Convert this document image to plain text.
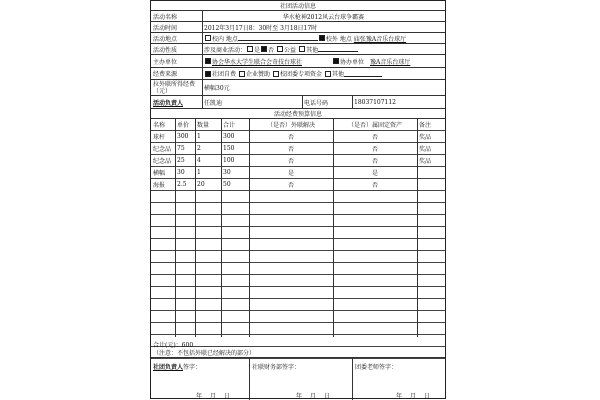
社团活动信息
活动名称	华水枪神2012风云台球争霸赛
活动时间	2012年3月17日8：30时至 3月18日17时
活动地点	校内 地点	校外 地点 庙张豫A音乐台球厅
活动性质	涉及商业活动： 是 否 公益 其他
主办单位	协会华水大学生联合会奇技台球社	协办单位	豫A音乐台球厅
经费来源	社团自费 企业赞助 校团委专项资金 其他
拉外联所得经费（元）	横幅30元
活动负责人	任凯迪	电话号码	18037107112
活动经费预算信息
名称	单价	数量	合计	（是否）外联解决	（是否）属固定资产	备注
球杆	300	1	300	否	否	奖品
纪念品 75	2	150	否	否	奖品
纪念品 25	4	100	否	否	奖品
横幅	30	1	30	是	是
海报	2.5	20	50	否	否
合计(元)：600
（注意：不包括外联已经解决的部分）
社团负责人签字：	社联财务部签字：	团委老师签字：
年 月 日	年 月 日	年 月 日
